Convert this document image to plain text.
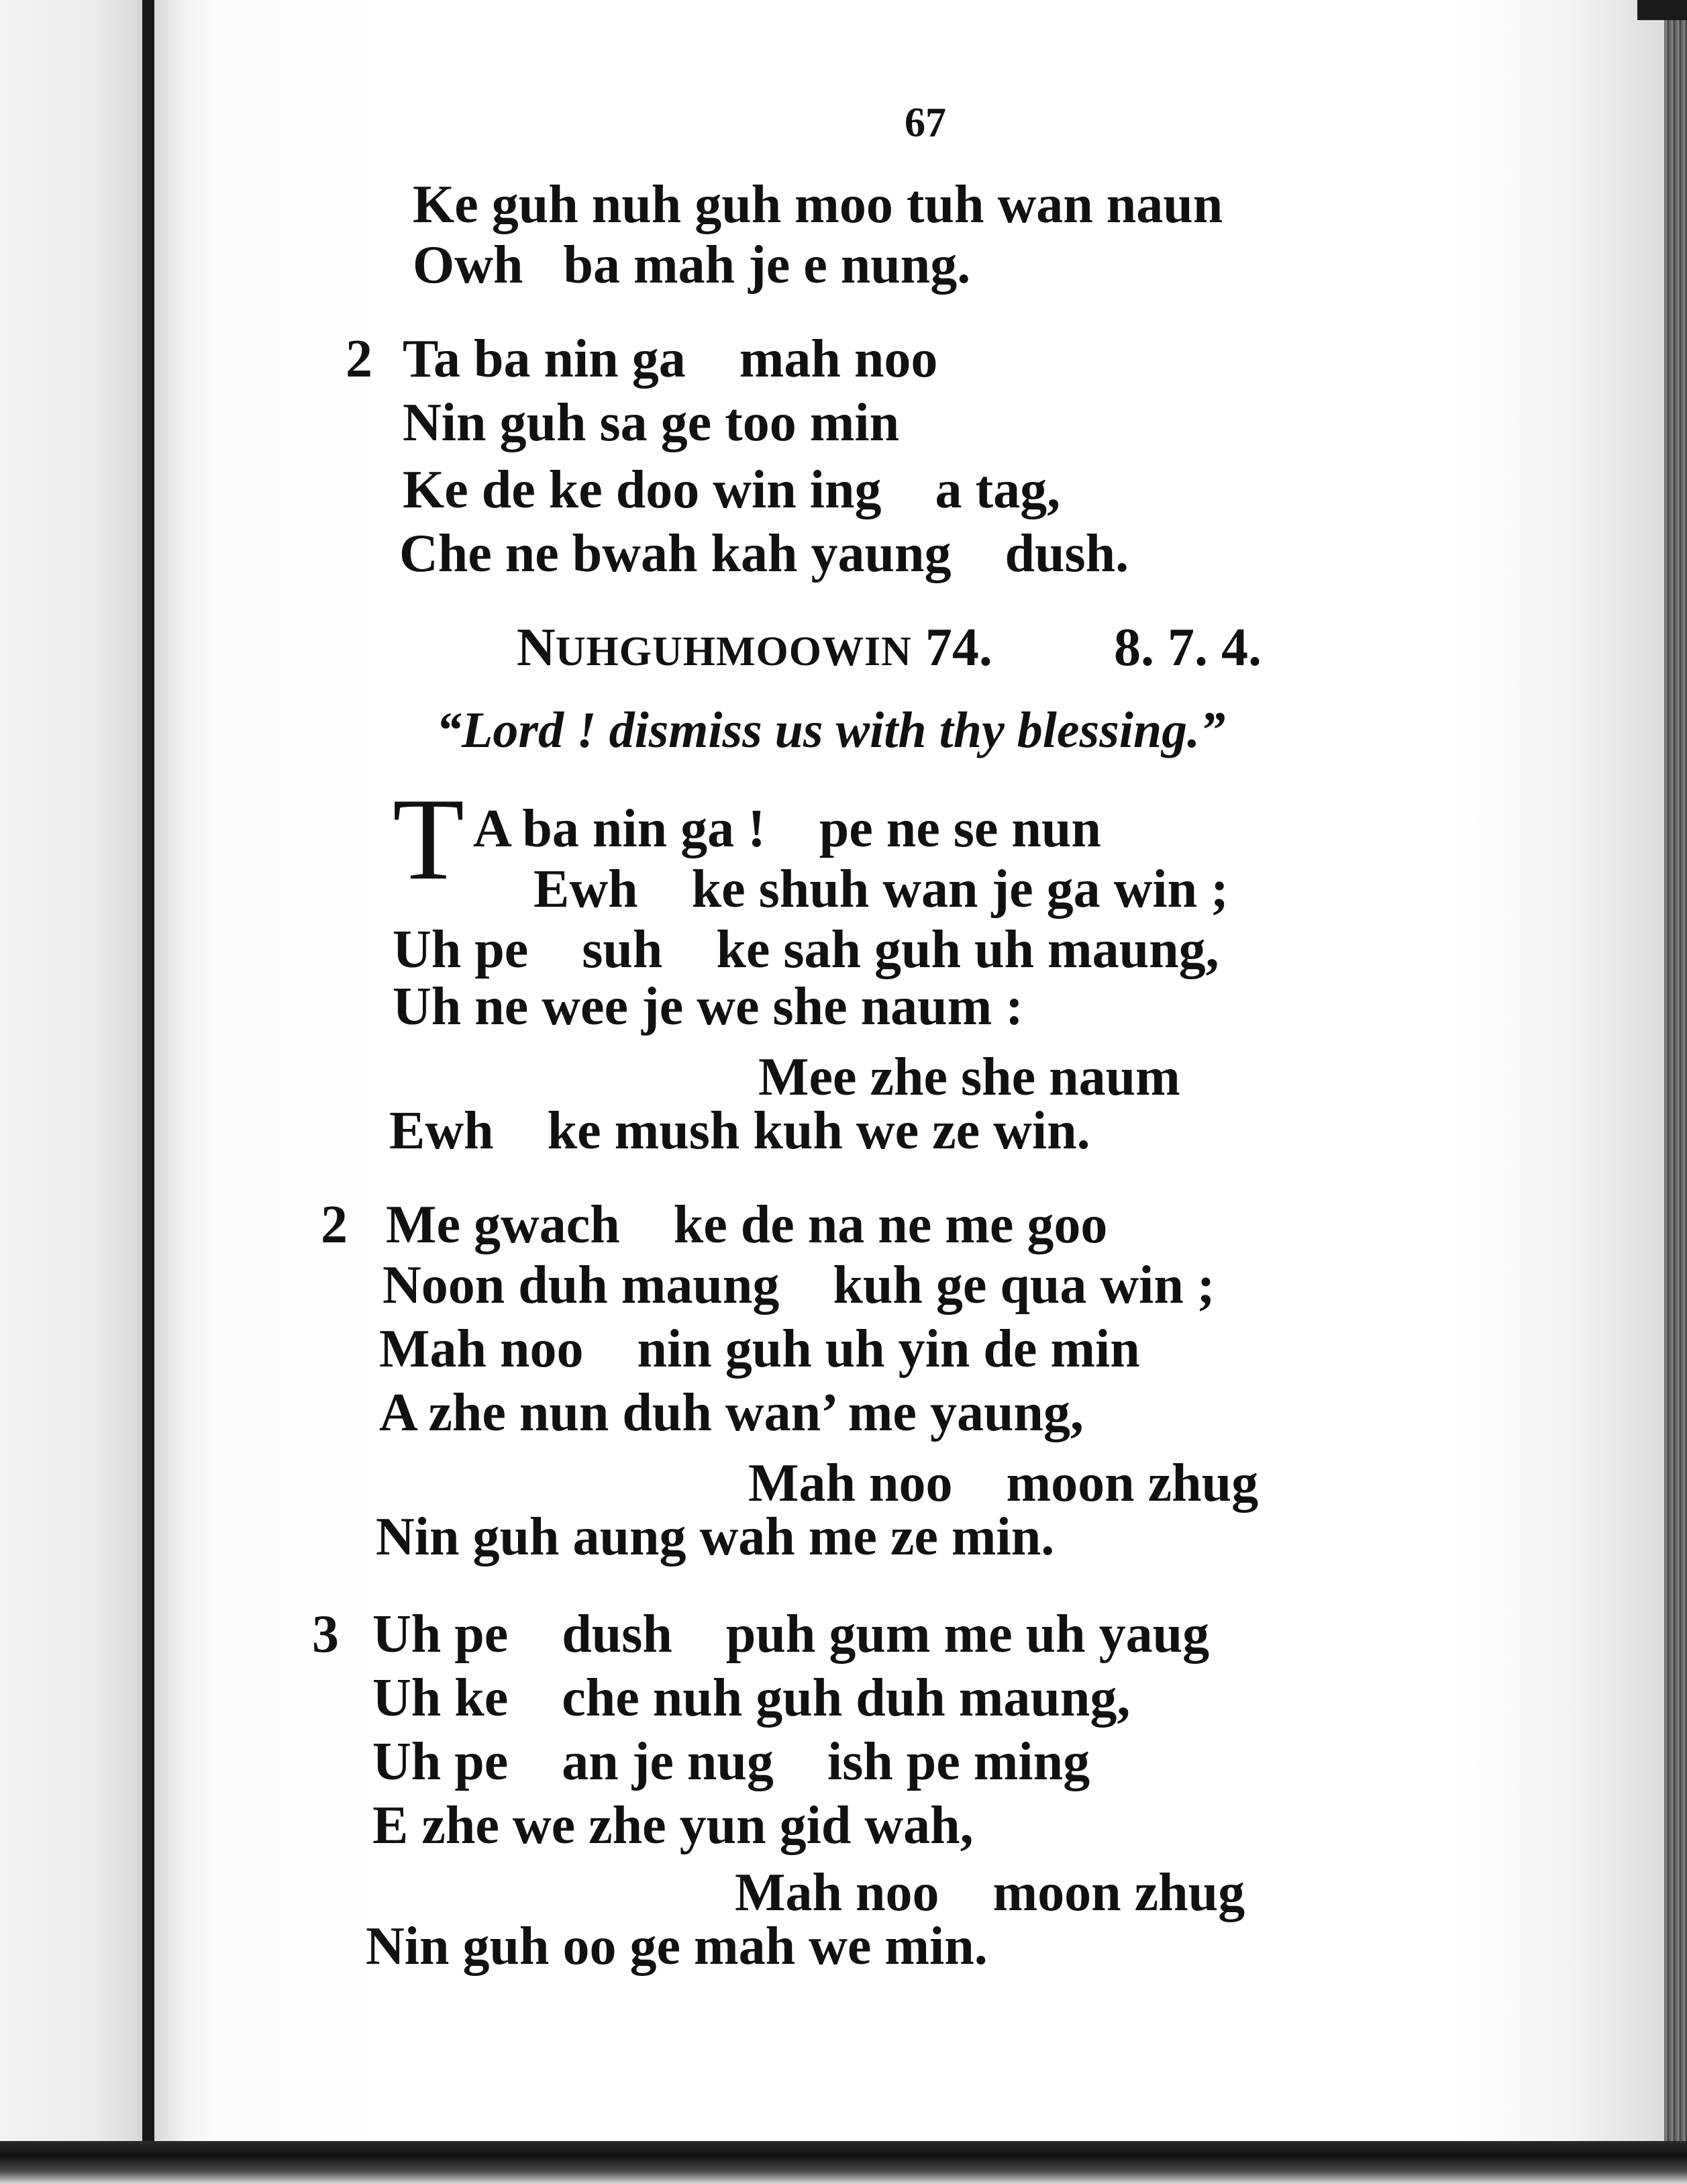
67
Ke guh nuh guh moo tuh wan naun
Owh   ba mah je e nung.
2 Ta ba nin ga    mah noo
Nin guh sa ge too min
Ke de ke doo win ing    a tag,
Che ne bwah kah yaung    dush.
NUHGUHMOOWIN 74. 8. 7. 4.
“Lord ! dismiss us with thy blessing.”
T A ba nin ga !    pe ne se nun
Ewh    ke shuh wan je ga win ;
Uh pe    suh    ke sah guh uh maung,
Uh ne wee je we she naum :
Mee zhe she naum
Ewh    ke mush kuh we ze win.
2 Me gwach    ke de na ne me goo
Noon duh maung    kuh ge qua win ;
Mah noo    nin guh uh yin de min
A zhe nun duh wan’ me yaung,
Mah noo    moon zhug
Nin guh aung wah me ze min.
3 Uh pe    dush    puh gum me uh yaug
Uh ke    che nuh guh duh maung,
Uh pe    an je nug    ish pe ming
E zhe we zhe yun gid wah,
Mah noo    moon zhug
Nin guh oo ge mah we min.
